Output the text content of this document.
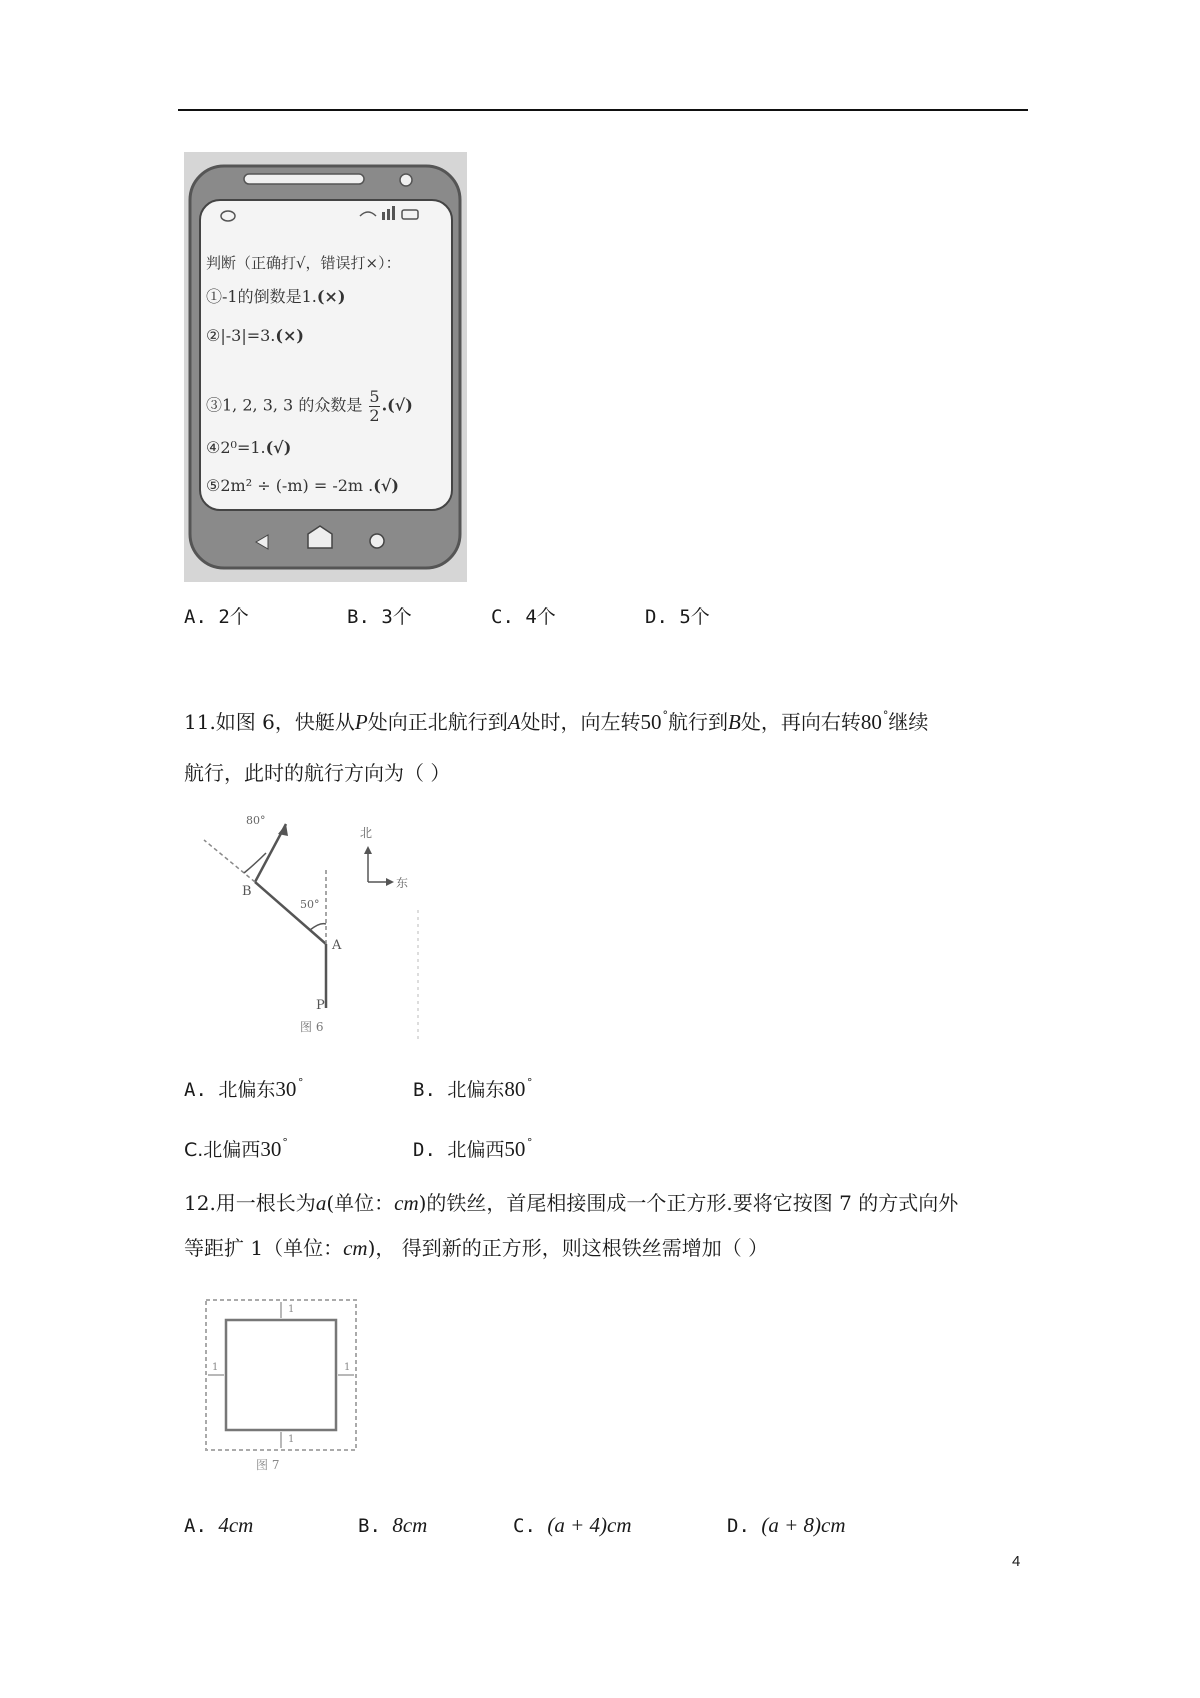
判断（正确打√，错误打×）：
①-1的倒数是1.(×)
②|-3|=3.(×)
③1, 2, 3, 3 的众数是 $\frac{5}{2}$ .(√)
④2⁰=1.(√)
⑤2m² ÷ (-m) = -2m .(√)
A. 2个	B. 3个	C. 4个	D. 5个
11.如图 6，快艇从P处向正北航行到A处时，向左转50°航行到B处，再向右转80°继续
航行，此时的航行方向为（ ）
80°
50°
B
A
P
北
东
图 6
A. 北偏东30°	B. 北偏东80°
C.北偏西30°	D. 北偏西50°
12.用一根长为a(单位：cm)的铁丝，首尾相接围成一个正方形.要将它按图 7 的方式向外
等距扩 1（单位：cm)， 得到新的正方形，则这根铁丝需增加（ ）
1
1	1
1
图 7
A. 4cm	B. 8cm	C. (a + 4)cm	D. (a + 8)cm
4
